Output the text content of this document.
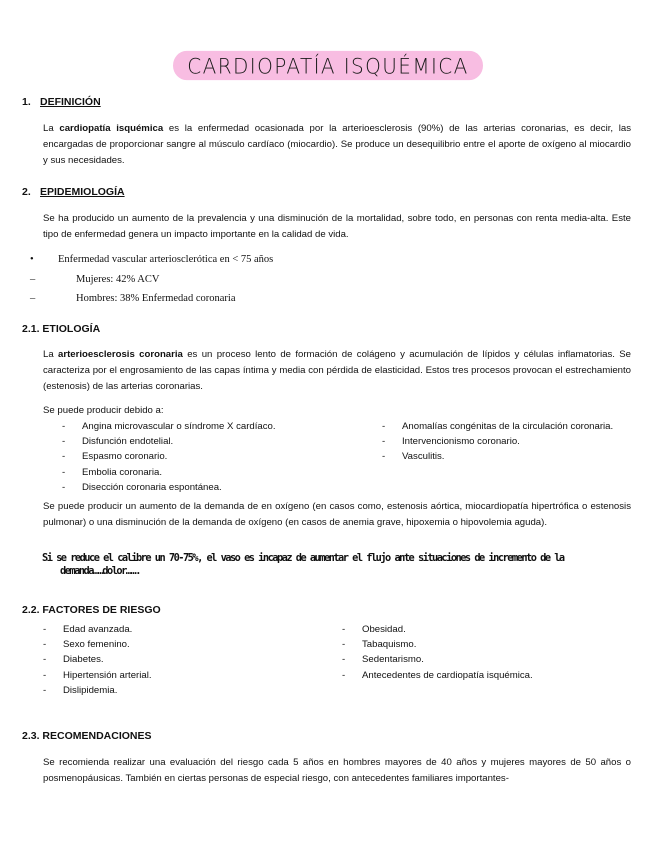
CARDIOPATÍA ISQUÉMICA
1. DEFINICIÓN
La cardiopatía isquémica es la enfermedad ocasionada por la arterioesclerosis (90%) de las arterias coronarias, es decir, las encargadas de proporcionar sangre al músculo cardíaco (miocardio). Se produce un desequilibrio entre el aporte de oxígeno al miocardio y sus necesidades.
2. EPIDEMIOLOGÍA
Se ha producido un aumento de la prevalencia y una disminución de la mortalidad, sobre todo, en personas con renta media-alta. Este tipo de enfermedad genera un impacto importante en la calidad de vida.
• Enfermedad vascular arteriosclerótica en < 75 años
–	Mujeres: 42% ACV
–	Hombres: 38% Enfermedad coronaria
2.1. ETIOLOGÍA
La arterioesclerosis coronaria es un proceso lento de formación de colágeno y acumulación de lípidos y células inflamatorias. Se caracteriza por el engrosamiento de las capas íntima y media con pérdida de elasticidad. Estos tres procesos provocan el estrechamiento (estenosis) de las arterias coronarias.
Se puede producir debido a:
- Angina microvascular o síndrome X cardíaco.
- Disfunción endotelial.
- Espasmo coronario.
- Embolia coronaria.
- Disección coronaria espontánea.
- Anomalías congénitas de la circulación coronaria.
- Intervencionismo coronario.
- Vasculitis.
Se puede producir un aumento de la demanda de en oxígeno (en casos como, estenosis aórtica, miocardiopatía hipertrófica o estenosis pulmonar) o una disminución de la demanda de oxígeno (en casos de anemia grave, hipoxemia o hipovolemia aguda).
Si se reduce el calibre un 70-75%, el vaso es incapaz de aumentar el flujo ante situaciones de incremento de la
demanda……dolor…….
2.2. FACTORES DE RIESGO
- Edad avanzada.
- Sexo femenino.
- Diabetes.
- Hipertensión arterial.
- Dislipidemia.
- Obesidad.
- Tabaquismo.
- Sedentarismo.
- Antecedentes de cardiopatía isquémica.
2.3. RECOMENDACIONES
Se recomienda realizar una evaluación del riesgo cada 5 años en hombres mayores de 40 años y mujeres mayores de 50 años o posmenopáusicas. También en ciertas personas de especial riesgo, con antecedentes familiares importantes-
